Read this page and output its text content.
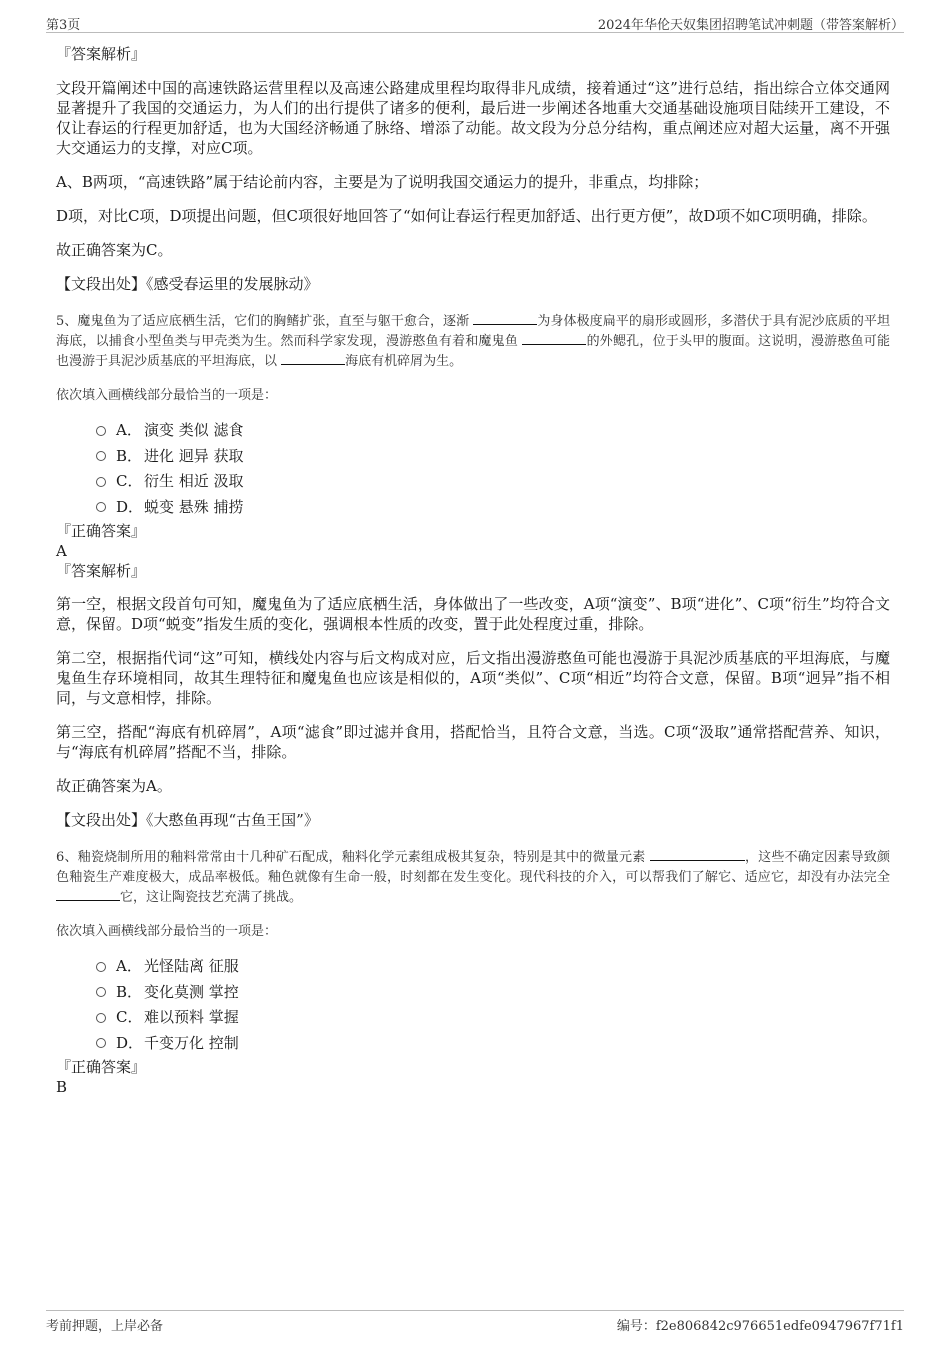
第3页	2024年华伦天奴集团招聘笔试冲刺题（带答案解析）

『答案解析』

文段开篇阐述中国的高速铁路运营里程以及高速公路建成里程均取得非凡成绩，接着通过“这”进行总结，指出综合立体交通网显著提升了我国的交通运力，为人们的出行提供了诸多的便利，最后进一步阐述各地重大交通基础设施项目陆续开工建设，不仅让春运的行程更加舒适，也为大国经济畅通了脉络、增添了动能。故文段为分总分结构，重点阐述应对超大运量，离不开强大交通运力的支撑，对应C项。

A、B两项，“高速铁路”属于结论前内容，主要是为了说明我国交通运力的提升，非重点，均排除；

D项，对比C项，D项提出问题，但C项很好地回答了“如何让春运行程更加舒适、出行更方便”，故D项不如C项明确，排除。

故正确答案为C。

【文段出处】《感受春运里的发展脉动》

5、魔鬼鱼为了适应底栖生活，它们的胸鳍扩张，直至与躯干愈合，逐渐	为身体极度扁平的扇形或圆形，多潜伏于具有泥沙底质的平坦海底，以捕食小型鱼类与甲壳类为生。然而科学家发现，漫游憨鱼有着和魔鬼鱼	的外鳃孔，位于头甲的腹面。这说明，漫游憨鱼可能也漫游于具泥沙质基底的平坦海底，以	海底有机碎屑为生。

依次填入画横线部分最恰当的一项是：

A． 演变 类似 滤食
B． 进化 迥异 获取
C． 衍生 相近 汲取
D． 蜕变 悬殊 捕捞

『正确答案』

A

『答案解析』

第一空，根据文段首句可知，魔鬼鱼为了适应底栖生活，身体做出了一些改变，A项“演变”、B项“进化”、C项“衍生”均符合文意，保留。D项“蜕变”指发生质的变化，强调根本性质的改变，置于此处程度过重，排除。

第二空，根据指代词“这”可知，横线处内容与后文构成对应，后文指出漫游憨鱼可能也漫游于具泥沙质基底的平坦海底，与魔鬼鱼生存环境相同，故其生理特征和魔鬼鱼也应该是相似的，A项“类似”、C项“相近”均符合文意，保留。B项“迥异”指不相同，与文意相悖，排除。

第三空，搭配“海底有机碎屑”，A项“滤食”即过滤并食用，搭配恰当，且符合文意，当选。C项“汲取”通常搭配营养、知识，与“海底有机碎屑”搭配不当，排除。

故正确答案为A。

【文段出处】《大憨鱼再现“古鱼王国”》

6、釉瓷烧制所用的釉料常常由十几种矿石配成，釉料化学元素组成极其复杂，特别是其中的微量元素	，这些不确定因素导致颜色釉瓷生产难度极大，成品率极低。釉色就像有生命一般，时刻都在发生变化。现代科技的介入，可以帮我们了解它、适应它，却没有办法完全 它，这让陶瓷技艺充满了挑战。

依次填入画横线部分最恰当的一项是：

A． 光怪陆离 征服
B． 变化莫测 掌控
C． 难以预料 掌握
D． 千变万化 控制

『正确答案』

B

考前押题，上岸必备	编号：f2e806842c976651edfe0947967f71f1
